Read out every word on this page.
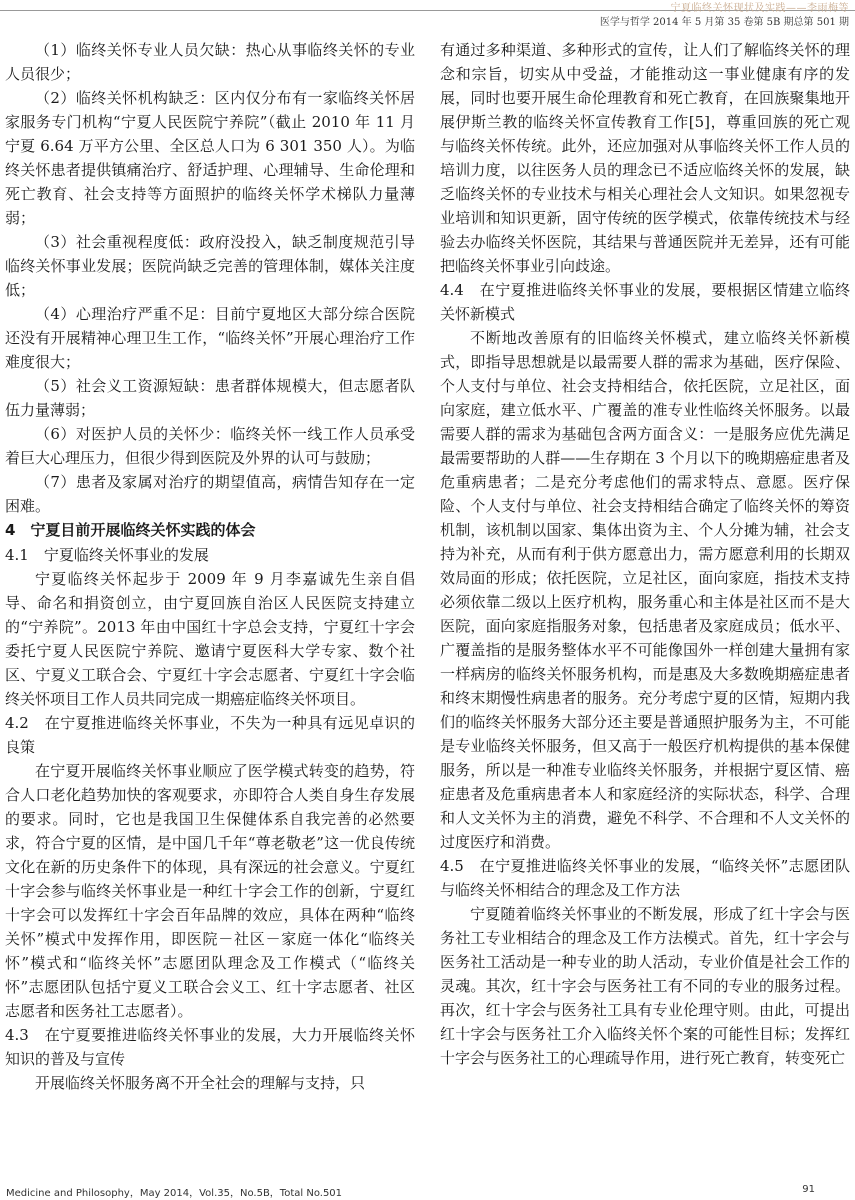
宁夏临终关怀现状及实践——李雨梅等
医学与哲学 2014 年 5 月第 35 卷第 5B 期总第 501 期

（1）临终关怀专业人员欠缺：热心从事临终关怀的专业人员很少；

（2）临终关怀机构缺乏：区内仅分布有一家临终关怀居家服务专门机构“宁夏人民医院宁养院”（截止 2010 年 11 月宁夏 6.64 万平方公里、全区总人口为 6 301 350 人）。为临终关怀患者提供镇痛治疗、舒适护理、心理辅导、生命伦理和死亡教育、社会支持等方面照护的临终关怀学术梯队力量薄弱；

（3）社会重视程度低：政府没投入，缺乏制度规范引导临终关怀事业发展；医院尚缺乏完善的管理体制，媒体关注度低；

（4）心理治疗严重不足：目前宁夏地区大部分综合医院还没有开展精神心理卫生工作，“临终关怀”开展心理治疗工作难度很大；

（5）社会义工资源短缺：患者群体规模大，但志愿者队伍力量薄弱；

（6）对医护人员的关怀少：临终关怀一线工作人员承受着巨大心理压力，但很少得到医院及外界的认可与鼓励；

（7）患者及家属对治疗的期望值高，病情告知存在一定困难。

4　宁夏目前开展临终关怀实践的体会
4.1　宁夏临终关怀事业的发展

宁夏临终关怀起步于 2009 年 9 月李嘉诚先生亲自倡导、命名和捐资创立，由宁夏回族自治区人民医院支持建立的“宁养院”。2013 年由中国红十字总会支持，宁夏红十字会委托宁夏人民医院宁养院、邀请宁夏医科大学专家、数个社区、宁夏义工联合会、宁夏红十字会志愿者、宁夏红十字会临终关怀项目工作人员共同完成一期癌症临终关怀项目。

4.2　在宁夏推进临终关怀事业，不失为一种具有远见卓识的良策

在宁夏开展临终关怀事业顺应了医学模式转变的趋势，符合人口老化趋势加快的客观要求，亦即符合人类自身生存发展的要求。同时，它也是我国卫生保健体系自我完善的必然要求，符合宁夏的区情，是中国几千年“尊老敬老”这一优良传统文化在新的历史条件下的体现，具有深远的社会意义。宁夏红十字会参与临终关怀事业是一种红十字会工作的创新，宁夏红十字会可以发挥红十字会百年品牌的效应，具体在两种“临终关怀”模式中发挥作用，即医院－社区－家庭一体化“临终关怀”模式和“临终关怀”志愿团队理念及工作模式（“临终关怀”志愿团队包括宁夏义工联合会义工、红十字志愿者、社区志愿者和医务社工志愿者）。

4.3　在宁夏要推进临终关怀事业的发展，大力开展临终关怀知识的普及与宣传

开展临终关怀服务离不开全社会的理解与支持，只

有通过多种渠道、多种形式的宣传，让人们了解临终关怀的理念和宗旨，切实从中受益，才能推动这一事业健康有序的发展，同时也要开展生命伦理教育和死亡教育，在回族聚集地开展伊斯兰教的临终关怀宣传教育工作[5]，尊重回族的死亡观与临终关怀传统。此外，还应加强对从事临终关怀工作人员的培训力度，以往医务人员的理念已不适应临终关怀的发展，缺乏临终关怀的专业技术与相关心理社会人文知识。如果忽视专业培训和知识更新，固守传统的医学模式，依靠传统技术与经验去办临终关怀医院，其结果与普通医院并无差异，还有可能把临终关怀事业引向歧途。

4.4　在宁夏推进临终关怀事业的发展，要根据区情建立临终关怀新模式

不断地改善原有的旧临终关怀模式，建立临终关怀新模式，即指导思想就是以最需要人群的需求为基础，医疗保险、个人支付与单位、社会支持相结合，依托医院，立足社区，面向家庭，建立低水平、广覆盖的准专业性临终关怀服务。以最需要人群的需求为基础包含两方面含义：一是服务应优先满足最需要帮助的人群——生存期在 3 个月以下的晚期癌症患者及危重病患者；二是充分考虑他们的需求特点、意愿。医疗保险、个人支付与单位、社会支持相结合确定了临终关怀的筹资机制，该机制以国家、集体出资为主、个人分摊为辅，社会支持为补充，从而有利于供方愿意出力，需方愿意利用的长期双效局面的形成；依托医院，立足社区，面向家庭，指技术支持必须依靠二级以上医疗机构，服务重心和主体是社区而不是大医院，面向家庭指服务对象，包括患者及家庭成员；低水平、广覆盖指的是服务整体水平不可能像国外一样创建大量拥有家一样病房的临终关怀服务机构，而是惠及大多数晚期癌症患者和终末期慢性病患者的服务。充分考虑宁夏的区情，短期内我们的临终关怀服务大部分还主要是普通照护服务为主，不可能是专业临终关怀服务，但又高于一般医疗机构提供的基本保健服务，所以是一种准专业临终关怀服务，并根据宁夏区情、癌症患者及危重病患者本人和家庭经济的实际状态，科学、合理和人文关怀为主的消费，避免不科学、不合理和不人文关怀的过度医疗和消费。

4.5　在宁夏推进临终关怀事业的发展，“临终关怀”志愿团队与临终关怀相结合的理念及工作方法

宁夏随着临终关怀事业的不断发展，形成了红十字会与医务社工专业相结合的理念及工作方法模式。首先，红十字会与医务社工活动是一种专业的助人活动，专业价值是社会工作的灵魂。其次，红十字会与医务社工有不同的专业的服务过程。再次，红十字会与医务社工具有专业伦理守则。由此，可提出红十字会与医务社工介入临终关怀个案的可能性目标；发挥红十字会与医务社工的心理疏导作用，进行死亡教育，转变死亡

Medicine and Philosophy，May 2014，Vol.35，No.5B，Total No.501	91
